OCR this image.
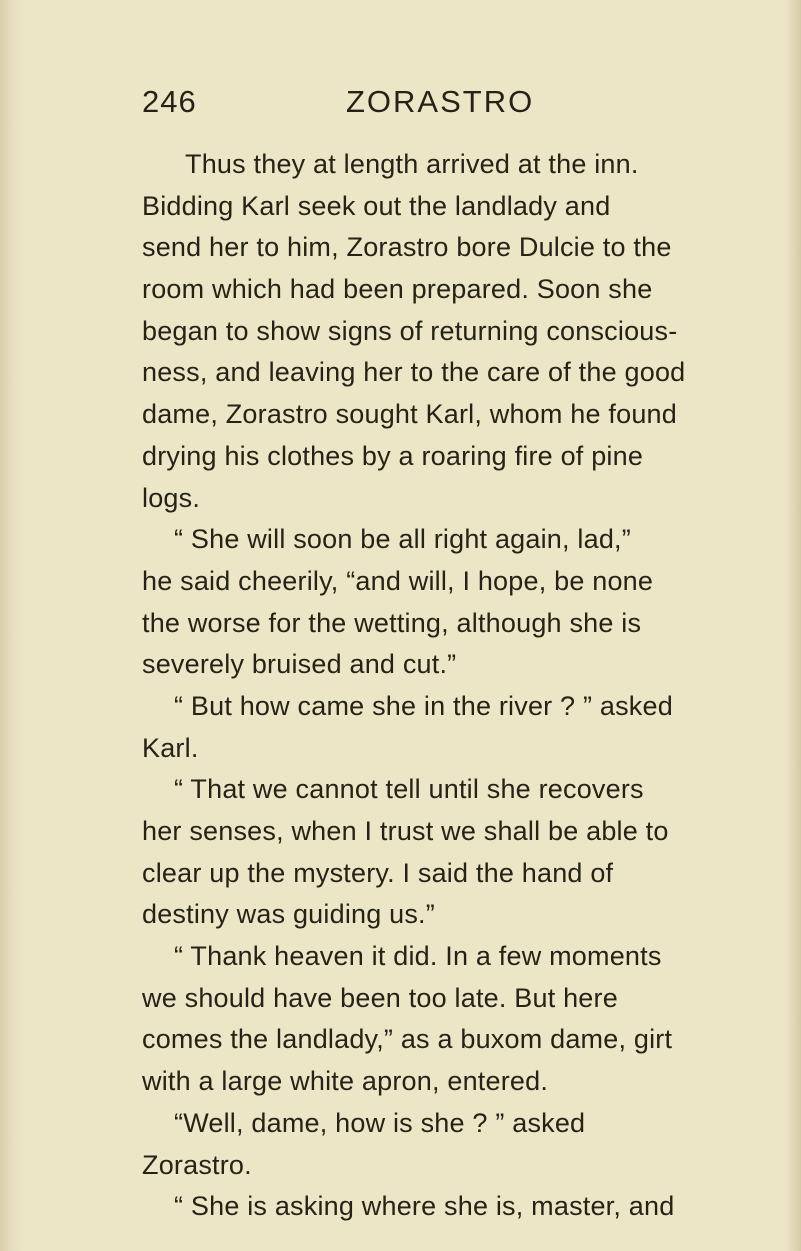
246	ZORASTRO
Thus they at length arrived at the inn.
Bidding Karl seek out the landlady and
send her to him, Zorastro bore Dulcie to the
room which had been prepared. Soon she
began to show signs of returning conscious-
ness, and leaving her to the care of the good
dame, Zorastro sought Karl, whom he found
drying his clothes by a roaring fire of pine
logs.
“ She will soon be all right again, lad,”
he said cheerily, “and will, I hope, be none
the worse for the wetting, although she is
severely bruised and cut.”
“ But how came she in the river ? ” asked
Karl.
“ That we cannot tell until she recovers
her senses, when I trust we shall be able to
clear up the mystery. I said the hand of
destiny was guiding us.”
“ Thank heaven it did. In a few moments
we should have been too late. But here
comes the landlady,” as a buxom dame, girt
with a large white apron, entered.
“Well, dame, how is she ? ” asked
Zorastro.
“ She is asking where she is, master, and
